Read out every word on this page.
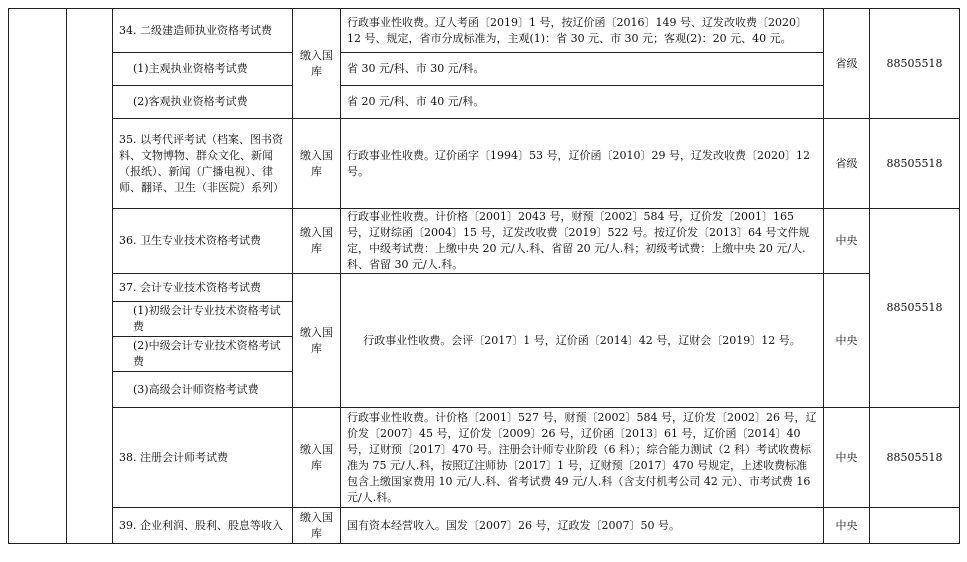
		34. 二级建造师执业资格考试费	缴入国库	行政事业性收费。辽人考函〔2019〕1 号，按辽价函〔2016〕149 号、辽发改收费〔2020〕12 号、规定，省市分成标准为，主观(1)：省 30 元、市 30 元；客观(2)：20 元、40 元。	省级	88505518
		(1)主观执业资格考试费		省 30 元/科、市 30 元/科。		
		(2)客观执业资格考试费		省 20 元/科、市 40 元/科。		
		35. 以考代评考试（档案、图书资料、文物博物、群众文化、新闻（报纸）、新闻（广播电视）、律师、翻译、卫生（非医院）系列）	缴入国库	行政事业性收费。辽价函字〔1994〕53 号，辽价函〔2010〕29 号，辽发改收费〔2020〕12 号。	省级	88505518
		36. 卫生专业技术资格考试费	缴入国库	行政事业性收费。计价格〔2001〕2043 号，财预〔2002〕584 号，辽价发〔2001〕165 号，辽财综函〔2004〕15 号，辽发改收费〔2019〕522 号。按辽价发〔2013〕64 号文件规定，中级考试费：上缴中央 20 元/人.科、省留 20 元/人.科；初级考试费：上缴中央 20 元/人.科、省留 30 元/人.科。	中央	88505518
		37. 会计专业技术资格考试费	缴入国库	行政事业性收费。会评〔2017〕1 号，辽价函〔2014〕42 号，辽财会〔2019〕12 号。	中央	
		(1)初级会计专业技术资格考试费				
		(2)中级会计专业技术资格考试费				
		(3)高级会计师资格考试费				
		38. 注册会计师考试费	缴入国库	行政事业性收费。计价格〔2001〕527 号，财预〔2002〕584 号，辽价发〔2002〕26 号，辽价发〔2007〕45 号，辽价发〔2009〕26 号，辽价函〔2013〕61 号，辽价函〔2014〕40 号，辽财预〔2017〕470 号。注册会计师专业阶段（6 科）；综合能力测试（2 科）考试收费标准为 75 元/人.科，按照辽注师协〔2017〕1 号，辽财预〔2017〕470 号规定，上述收费标准包含上缴国家费用 10 元/人.科、省考试费 49 元/人.科（含支付机考公司 42 元）、市考试费 16 元/人.科。	中央	88505518
		39. 企业利润、股利、股息等收入	缴入国库	国有资本经营收入。国发〔2007〕26 号，辽政发〔2007〕50 号。	中央	
